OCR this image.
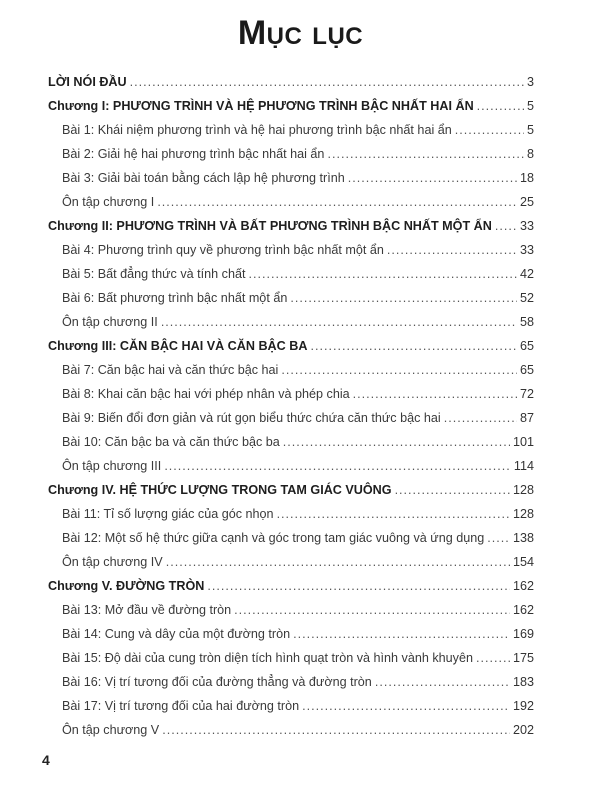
Mục lục
LỜI NÓI ĐẦU .....	3
Chương I: PHƯƠNG TRÌNH VÀ HỆ PHƯƠNG TRÌNH BẬC NHẤT HAI ẨN .....	5
Bài 1: Khái niệm phương trình và hệ hai phương trình bậc nhất hai ẩn .....	5
Bài 2: Giải hệ hai phương trình bậc nhất hai ẩn .....	8
Bài 3: Giải bài toán bằng cách lập hệ phương trình .....	18
Ôn tập chương I .....	25
Chương II: PHƯƠNG TRÌNH VÀ BẤT PHƯƠNG TRÌNH BẬC NHẤT MỘT ẨN ..... 33
Bài 4: Phương trình quy về phương trình bậc nhất một ẩn .....	33
Bài 5: Bất đẳng thức và tính chất .....	42
Bài 6: Bất phương trình bậc nhất một ẩn .....	52
Ôn tập chương II .....	58
Chương III: CĂN BẬC HAI VÀ CĂN BẬC BA .....	65
Bài 7: Căn bậc hai và căn thức bậc hai .....	65
Bài 8: Khai căn bậc hai với phép nhân và phép chia .....	72
Bài 9: Biến đổi đơn giản và rút gọn biểu thức chứa căn thức bậc hai .....	87
Bài 10: Căn bậc ba và căn thức bậc ba .....	101
Ôn tập chương III .....	114
Chương IV. HỆ THỨC LƯỢNG TRONG TAM GIÁC VUÔNG .....	128
Bài 11: Tỉ số lượng giác của góc nhọn .....	128
Bài 12: Một số hệ thức giữa cạnh và góc trong tam giác vuông và ứng dụng ..... 138
Ôn tập chương IV .....	154
Chương V. ĐƯỜNG TRÒN .....	162
Bài 13: Mở đầu về đường tròn .....	162
Bài 14: Cung và dây của một đường tròn .....	169
Bài 15: Độ dài của cung tròn diện tích hình quạt tròn và hình vành khuyên .....	175
Bài 16: Vị trí tương đối của đường thẳng và đường tròn .....	183
Bài 17: Vị trí tương đối của hai đường tròn .....	192
Ôn tập chương V .....	202
4
